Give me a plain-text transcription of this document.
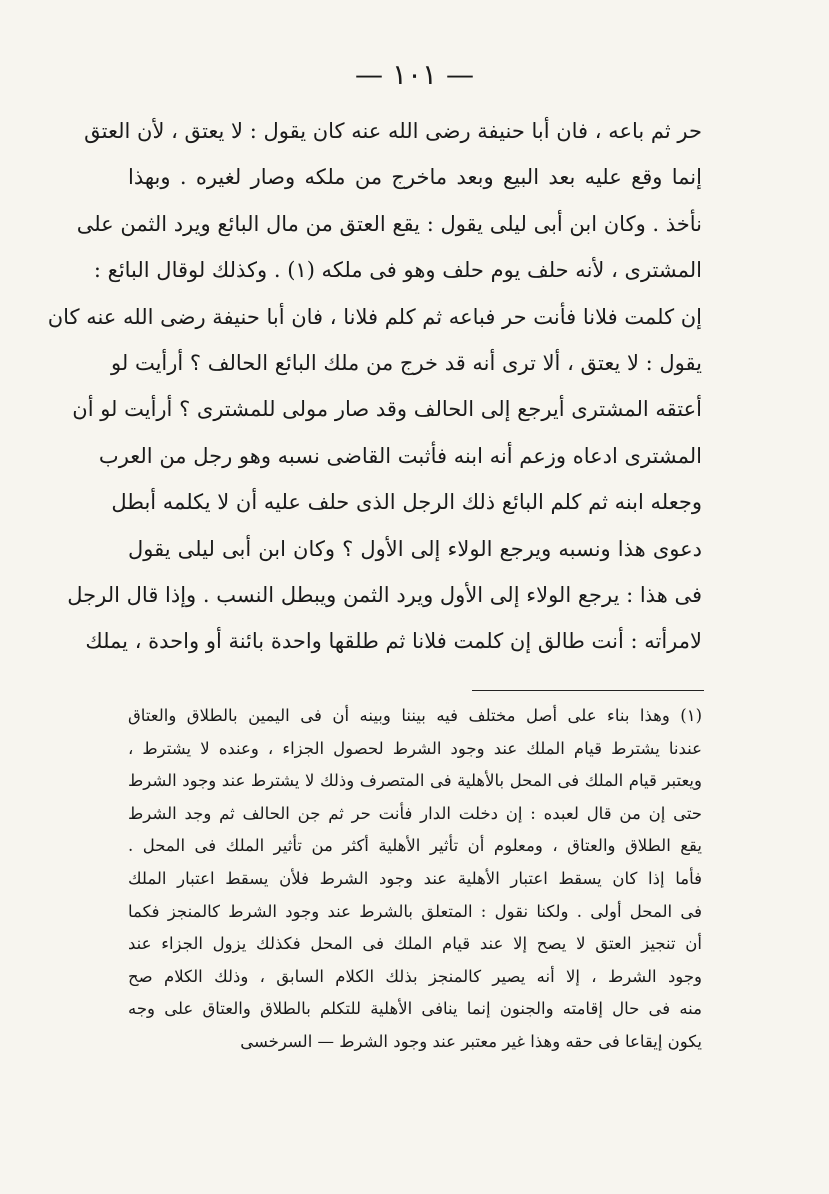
— ١٠١ —
حر ثم باعه ، فان أبا حنيفة رضى الله عنه كان يقول : لا يعتق ، لأن العتق
إنما وقع عليه بعد البيع وبعد ماخرج من ملكه وصار لغيره . وبهذا
نأخذ . وكان ابن أبى ليلى يقول : يقع العتق من مال البائع ويرد الثمن على
المشترى ، لأنه حلف يوم حلف وهو فى ملكه (١) . وكذلك لوقال البائع :
إن كلمت فلانا فأنت حر فباعه ثم كلم فلانا ، فان أبا حنيفة رضى الله عنه كان
يقول : لا يعتق ، ألا ترى أنه قد خرج من ملك البائع الحالف ؟ أرأيت لو
أعتقه المشترى أيرجع إلى الحالف وقد صار مولى للمشترى ؟ أرأيت لو أن
المشترى ادعاه وزعم أنه ابنه فأثبت القاضى نسبه وهو رجل من العرب
وجعله ابنه ثم كلم البائع ذلك الرجل الذى حلف عليه أن لا يكلمه أبطل
دعوى هذا ونسبه ويرجع الولاء إلى الأول ؟ وكان ابن أبى ليلى يقول
فى هذا : يرجع الولاء إلى الأول ويرد الثمن ويبطل النسب . وإذا قال الرجل
لامرأته : أنت طالق إن كلمت فلانا ثم طلقها واحدة بائنة أو واحدة ، يملك
(١) وهذا بناء على أصل مختلف فيه بيننا وبينه أن فى اليمين بالطلاق والعتاق
عندنا يشترط قيام الملك عند وجود الشرط لحصول الجزاء ، وعنده لا يشترط ،
ويعتبر قيام الملك فى المحل بالأهلية فى المتصرف وذلك لا يشترط عند وجود الشرط
حتى إن من قال لعبده : إن دخلت الدار فأنت حر ثم جن الحالف ثم وجد الشرط
يقع الطلاق والعتاق ، ومعلوم أن تأثير الأهلية أكثر من تأثير الملك فى المحل .
فأما إذا كان يسقط اعتبار الأهلية عند وجود الشرط فلأن يسقط اعتبار الملك
فى المحل أولى . ولكنا نقول : المتعلق بالشرط عند وجود الشرط كالمنجز فكما
أن تنجيز العتق لا يصح إلا عند قيام الملك فى المحل فكذلك يزول الجزاء عند
وجود الشرط ، إلا أنه يصير كالمنجز بذلك الكلام السابق ، وذلك الكلام صح
منه فى حال إقامته والجنون إنما ينافى الأهلية للتكلم بالطلاق والعتاق على وجه
يكون إيقاعا فى حقه وهذا غير معتبر عند وجود الشرط — السرخسى
